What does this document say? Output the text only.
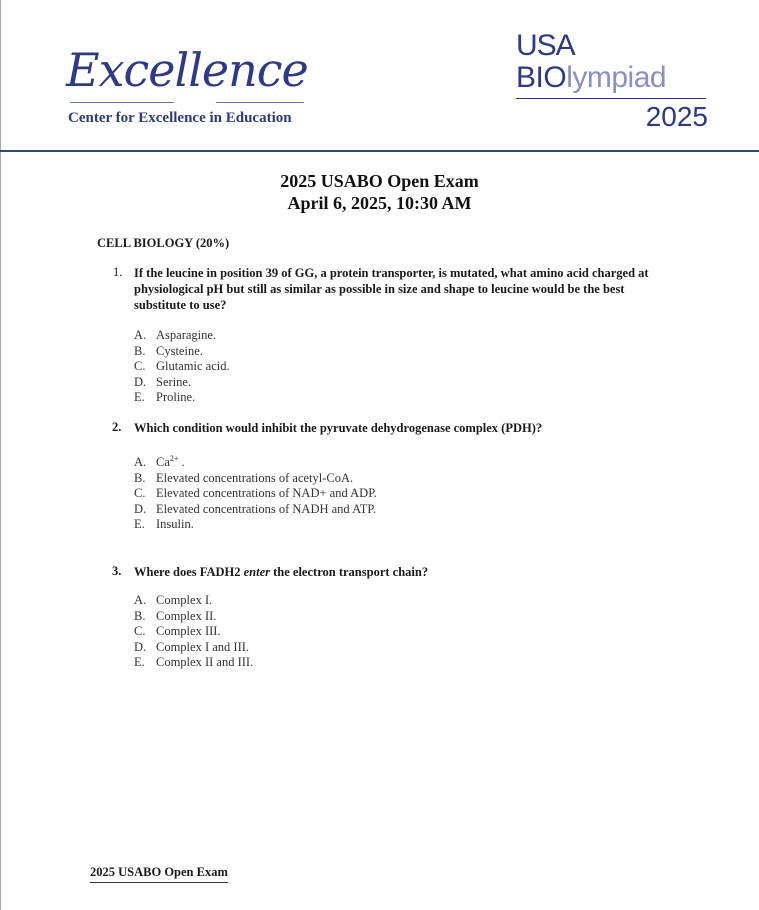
Excellence
Center for Excellence in Education
USA
BIOlympiad
2025
2025 USABO Open Exam
April 6, 2025, 10:30 AM
CELL BIOLOGY (20%)
1. If the leucine in position 39 of GG, a protein transporter, is mutated, what amino acid charged at physiological pH but still as similar as possible in size and shape to leucine would be the best substitute to use?
A. Asparagine.
B. Cysteine.
C. Glutamic acid.
D. Serine.
E. Proline.
2. Which condition would inhibit the pyruvate dehydrogenase complex (PDH)?
A. $Ca^{2+}$ .
B. Elevated concentrations of acetyl-CoA.
C. Elevated concentrations of NAD+ and ADP.
D. Elevated concentrations of NADH and ATP.
E. Insulin.
3. Where does FADH2 enter the electron transport chain?
A. Complex I.
B. Complex II.
C. Complex III.
D. Complex I and III.
E. Complex II and III.
2025 USABO Open Exam
